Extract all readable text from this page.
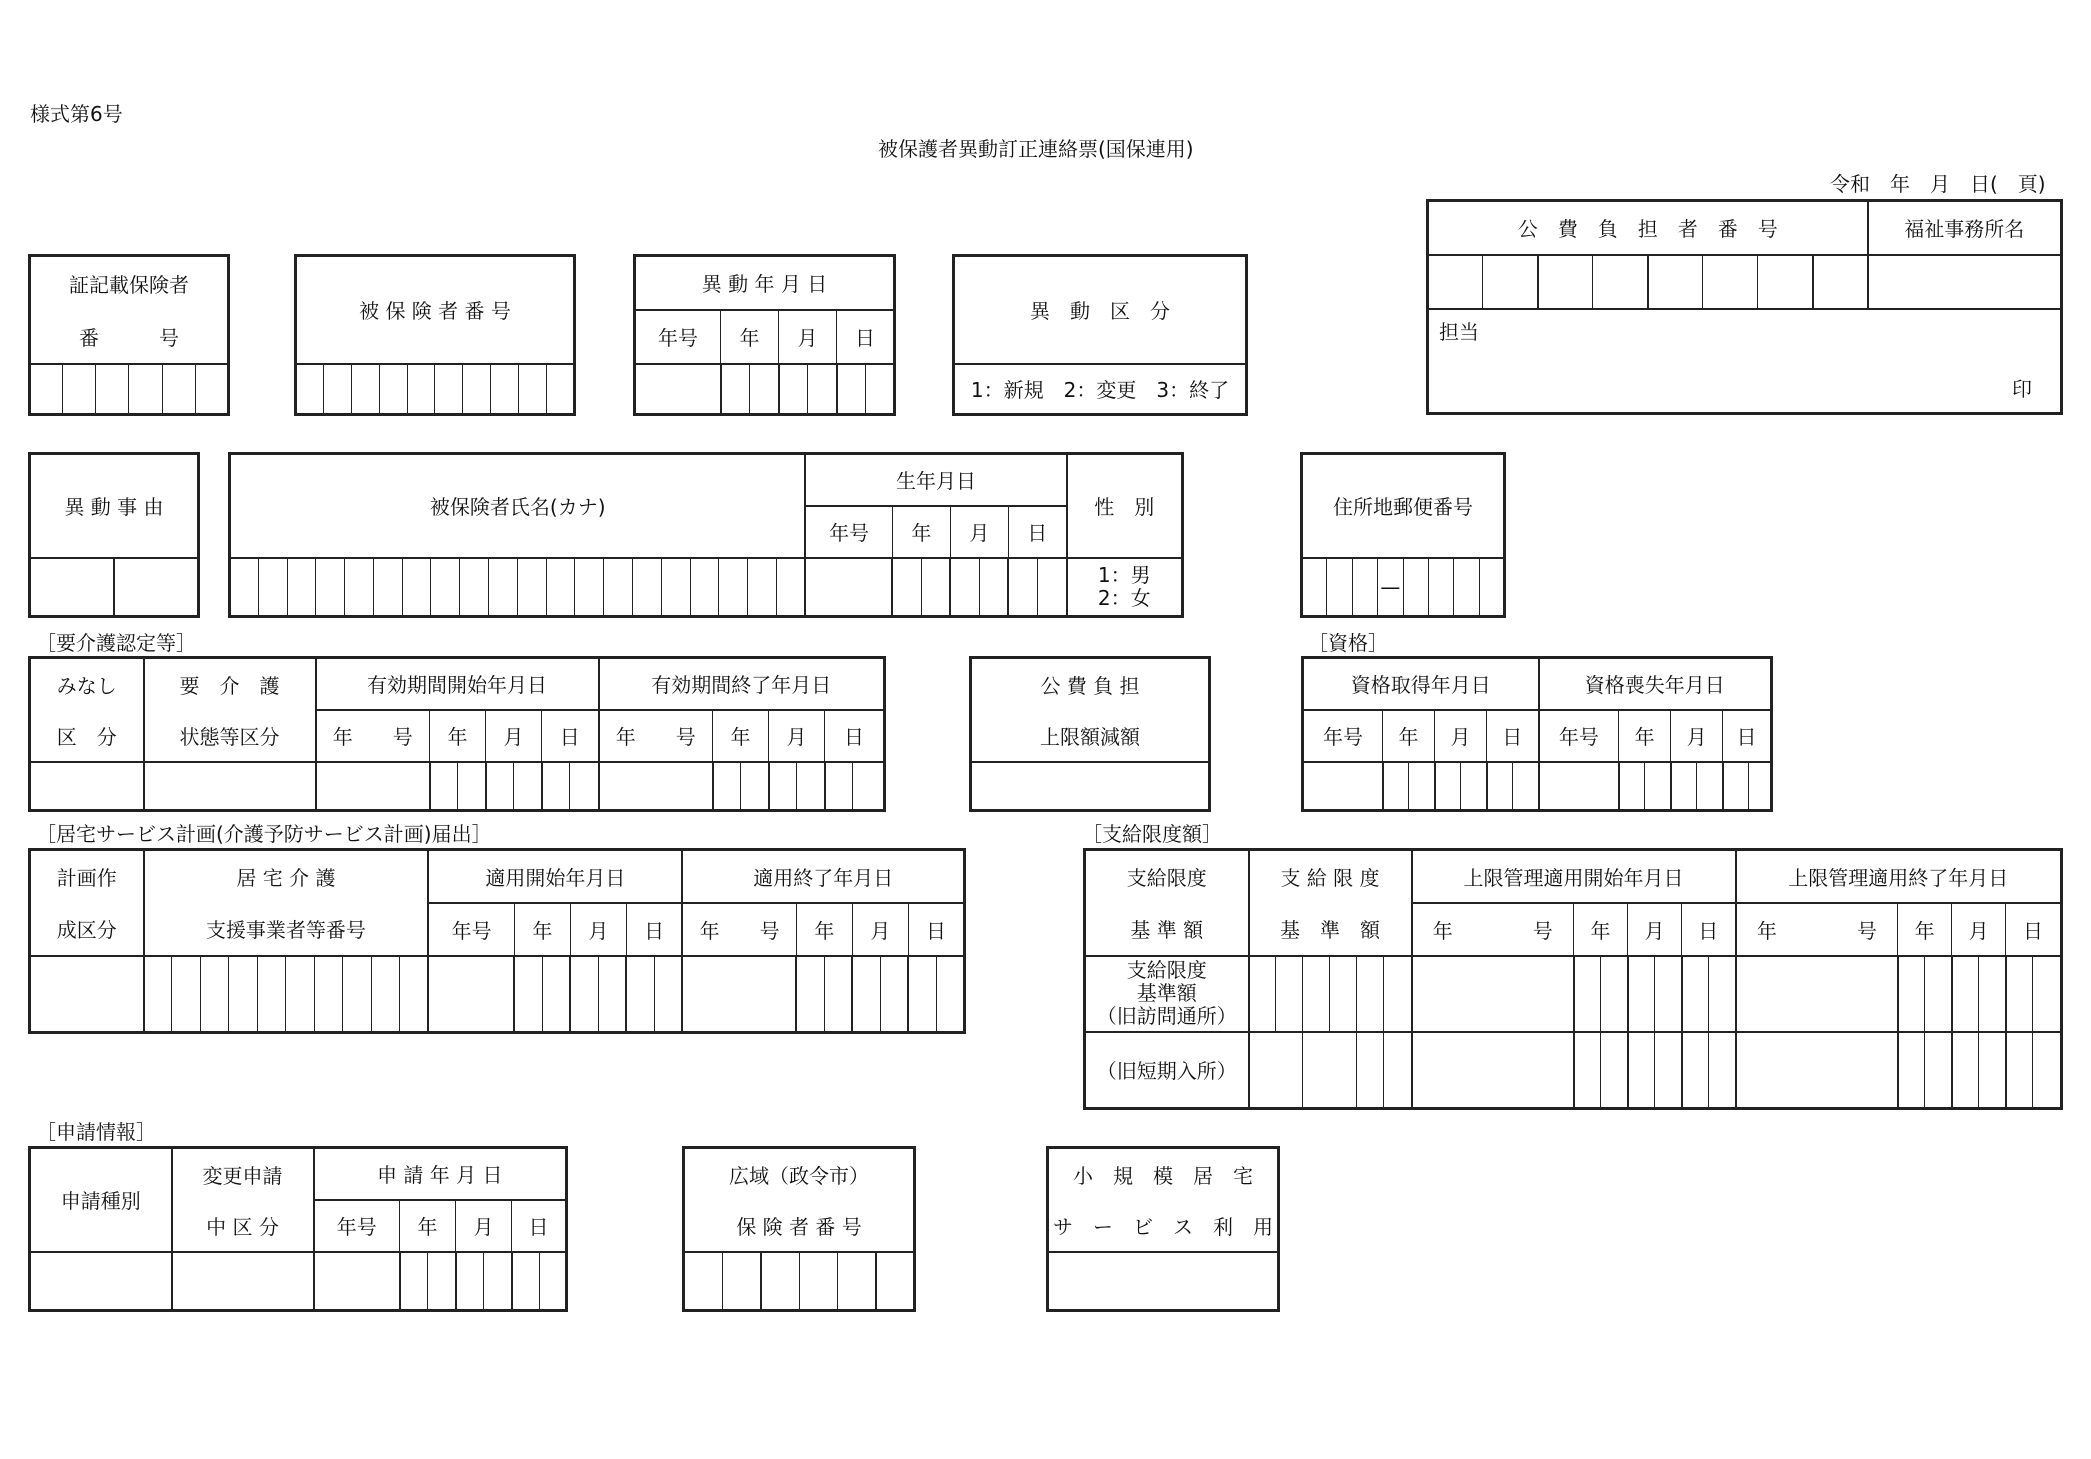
様式第6号
被保護者異動訂正連絡票(国保連用)
令和　年　月　日(　頁)
公　費　負　担　者　番　号								福祉事務所名

担当
印								
証記載保険者
番　　　号

被 保 険 者 番 号

異 動 年 月 日						
年号	年		月		日	

異　動　区　分
1：新規　2：変更　3：終了
異 動 事 由
		被保険者氏名(カナ)																				生年月日							性　別
																				年号	年		月		日		

																											1：男
2：女
住所地郵便番号
			—				
［要介護認定等］
みなし	要　介　護	有効期間開始年月日							有効期間終了年月日						
区　分	状態等区分	年　　号	年		月		日		年　　号	年		月		日	

公 費 負 担
上限額減額

［資格］
資格取得年月日							資格喪失年月日						
年号	年		月		日		年号	年		月		日	

［居宅サービス計画(介護予防サービス計画)届出］
計画作	居 宅 介 護										適用開始年月日							適用終了年月日						
成区分	支援事業者等番号										年号	年		月		日		年　　号	年		月		日	

［支給限度額］
支給限度	支 給 限 度						上限管理適用開始年月日							上限管理適用終了年月日						
基 準 額	基　準　額						年　　　　号	年		月		日		年　　　　号	年		月		日	

支給限度
基準額
（旧訪問通所）																				

（旧短期入所）																				
［申請情報］
申請種別	変更申請	申 請 年 月 日						
	中 区 分	年号	年		月		日	

広域（政令市）
保 険 者 番 号

小　規　模　居　宅
サ　ー　ビ　ス　利　用
